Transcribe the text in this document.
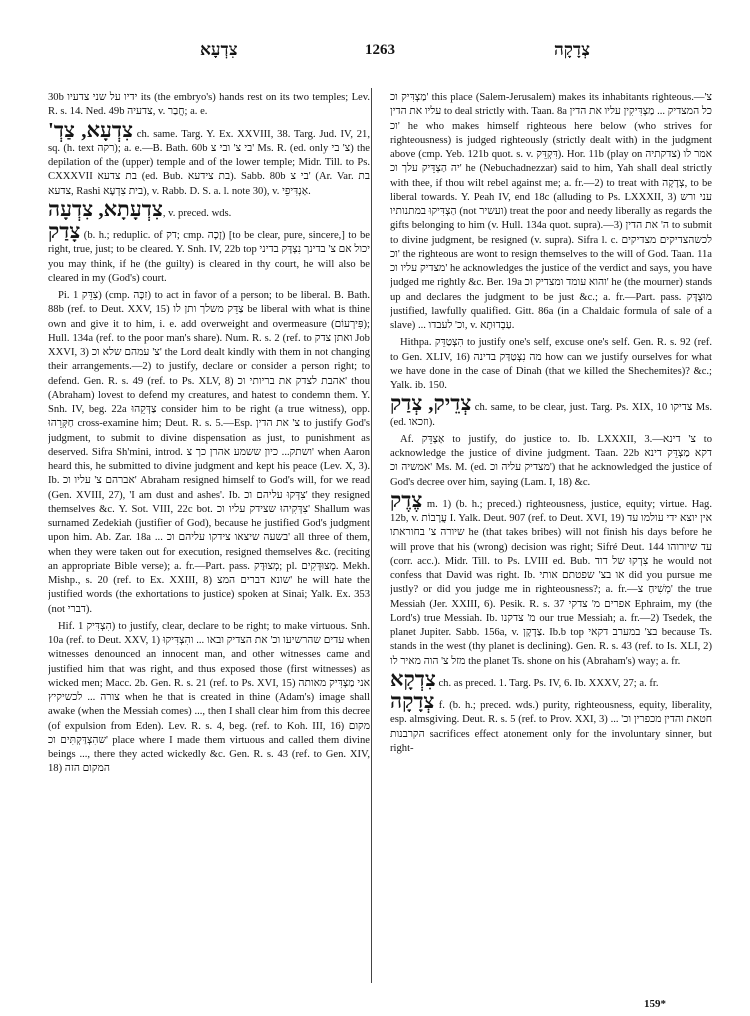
צִדְעָא	1263	צְדָקָה

30b ידיו על שני צדעיו its (the embryo's) hands rest on its two temples; Lev. R. s. 14. Ned. 49b צדעיה, v. חֲבַר; a. e.

צִדְעָא, צַדְ' ch. same. Targ. Y. Ex. XXVIII, 38. Targ. Jud. IV, 21, sq. (h. text רקה); a. e.—B. Bath. 60b בי צ' ובי צ' Ms. R. (ed. only צ' בי) the depilation of the (upper) temple and of the lower temple; Midr. Till. to Ps. CXXXVII בת צדעא (ed. Bub. בת צידעא). Sabb. 80b בי צ' (Ar. Var. בת צדעא, Rashi בית צִדְעָא), v. Rabb. D. S. a. l. note 30), v. אַנְדִּיפֵי.

צִדְעָתָא, צִדְעָה, v. preced. wds.

צָדַק (b. h.; reduplic. of דק; cmp. זָכָה) [to be clear, pure, sincere,] to be right, true, just; to be cleared. Y. Snh. IV, 22b top יכול אם צ' בדינך נִצְדָּק בדיני you may think, if he (the guilty) is cleared in thy court, he will also be cleared in my (God's) court.

Pi. צִדֵּק 1) (cmp. זִכָּה) to act in favor of a person; to be liberal. B. Bath. 88b (ref. to Deut. XXV, 15) צַדֵּק משלך ותן לו be liberal with what is thine own and give it to him, i. e. add overweight and overmeasure (פִּירְעוֹם); Hull. 134a (ref. to the poor man's share). Num. R. s. 2 (ref. to ואתן צדק Job XXVI, 3) צ' עמהם שלא וכ' the Lord dealt kindly with them in not changing their arrangements.—2) to justify, declare or consider a person right; to defend. Gen. R. s. 49 (ref. to Ps. XLV, 8) אהבת לצדק את בריותי וכ' thou (Abraham) lovest to defend my creatures, and hatest to condemn them. Y. Snh. IV, beg. 22a צַדְּקֵהוּ consider him to be right (a true witness), opp. חַקְּרֵהוּ cross-examine him; Deut. R. s. 5.—Esp. צ' את הדין to justify God's judgment, to submit to divine dispensation as just, to punishment as deserved. Sifra Sh'mini, introd. ושתק... כיון ששמע אהרן כך צ' when Aaron heard this, he submitted to divine judgment and kept his peace (Lev. X, 3). Ib. אברהם צ' עליו וכ' Abraham resigned himself to God's will, for we read (Gen. XVIII, 27), 'I am dust and ashes'. Ib. צִדְּקוּ עליהם וכ' they resigned themselves &c. Y. Sot. VIII, 22c bot. צִדְּקִיהוּ שצידק עליו וכ' Shallum was surnamed Zedekiah (justifier of God), because he justified God's judgment upon him. Ab. Zar. 18a ... בשעה שיצאו צידקו עליהם וכ' all three of them, when they were taken out for execution, resigned themselves &c. (reciting an appropriate Bible verse); a. fr.—Part. pass. מְצוּדָּק; pl. מְצוּדָּקִים. Mekh. Mishp., s. 20 (ref. to Ex. XXIII, 8) שונא דברים המצ' he will hate the justified words (the exhortations to justice) spoken at Sinai; Yalk. Ex. 353 (not דברי).

Hif. הִצְדִּיק 1) to justify, clear, declare to be right; to make virtuous. Snh. 10a (ref. to Deut. XXV, 1) עדים שהרשיעו וכ' את הצדיק ובאו ... והִצְדִּיקוּ when witnesses denounced an innocent man, and other witnesses came and justified him that was right, and thus exposed those (first witnesses) as wicked men; Macc. 2b. Gen. R. s. 21 (ref. to Ps. XVI, 15) אני מַצְדִּיק מאותה צורה ... לכשיקיץ when he that is created in thine (Adam's) image shall awake (when the Messiah comes) ..., then I shall clear him from this decree (of expulsion from Eden). Lev. R. s. 4, beg. (ref. to Koh. III, 16) מקום שהִצְדַּקְתִּים וכ' place where I made them virtuous and called them divine beings ..., there they acted wickedly &c. Gen. R. s. 43 (ref. to Gen. XIV, 18) המקום הזה

מַצְדִּיק וכ' this place (Salem-Jerusalem) makes its inhabitants righteous.—צ' עליו את הדין to deal strictly with. Taan. 8a כל המצדיק ... מַצְדִּיקִין עליו את הדין וכ' he who makes himself righteous here below (who strives for righteousness) is judged righteously (strictly dealt with) in the judgment above (cmp. Yeb. 121b quot. s. v. דִּקְדֵּק). Hor. 11b (play on צדקתיה) אמר לו יה הַצְדֵּיק עלך וכ' he (Nebuchadnezzar) said to him, Yah shall deal strictly with thee, if thou wilt rebel against me; a. fr.—2) to treat with צְדָקָה, to be liberal towards. Y. Peah IV, end 18c (alluding to Ps. LXXXII, 3) עני ורש הַצְדִּיקוּ במתנותיו (not ועשיר) treat the poor and needy liberally as regards the gifts belonging to him (v. Hull. 134a quot. supra).—3) ה' את הדין to submit to divine judgment, be resigned (v. supra). Sifra l. c. לכשהצדיקים מצדיקים וכ' the righteous are wont to resign themselves to the will of God. Taan. 11a מצדיק עליו וכ' he acknowledges the justice of the verdict and says, you have judged me rightly &c. Ber. 19a והוא עומד ומצדיק וכ' he (the mourner) stands up and declares the judgment to be just &c.; a. fr.—Part. pass. מוּצְדָּק justified, lawfully qualified. Gitt. 86a (in a Chaldaic formula of sale of a slave) ... וכ' לעבדו, v. עַבְדוּתָא.

Hithpa. הִצְטַדֵּק to justify one's self, excuse one's self. Gen. R. s. 92 (ref. to Gen. XLIV, 16) מה נִצְטַדַּק בדינה how can we justify ourselves for what we have done in the case of Dinah (that we killed the Shechemites)? &c.; Yalk. ib. 150.

צְדֵיק, צְדַק ch. same, to be clear, just. Targ. Ps. XIX, 10 צדיקו Ms. (ed. וזכאו).

Af. אַצְדֵּק to justify, do justice to. Ib. LXXXII, 3.—צ' דינא to acknowledge the justice of divine judgment. Taan. 22b דקא מַצְדֵּק דינא אמשיה וכ' Ms. M. (ed. מצדיק עליה וכ') that he acknowledged the justice of God's decree over him, saying (Lam. I, 18) &c.

צֶדֶק m. 1) (b. h.; preced.) righteousness, justice, equity; virtue. Hag. 12b, v. עֲרָבוֹת I. Yalk. Deut. 907 (ref. to Deut. XVI, 19) אין יוצא ידי עולמו עד שיורה צ' בחוראתו he (that takes bribes) will not finish his days before he will prove that his (wrong) decision was right; Sifré Deut. 144 עד שיורוהו (corr. acc.). Midr. Till. to Ps. LVIII ed. Bub. צִדְקוּ של דוד he would not confess that David was right. Ib. או בצ' שפטתם אותי did you pursue me justly? or did you judge me in righteousness?; a. fr.—מְשִׁיחַ צ' the true Messiah (Jer. XXIII, 6). Pesik. R. s. 37 אפרים מ' צדקי Ephraim, my (the Lord's) true Messiah. Ib. מ' צדקנו our true Messiah; a. fr.—2) Tsedek, the planet Jupiter. Sabb. 156a, v. צַדְקָן. Ib.b top בצ' במערב דקאי because Ts. stands in the west (thy planet is declining). Gen. R. s. 43 (ref. to Is. XLI, 2) מזל צ' הוה מאיר לו the planet Ts. shone on his (Abraham's) way; a. fr.

צִדְקָא ch. as preced. 1. Targ. Ps. IV, 6. Ib. XXXV, 27; a. fr.

צְדָקָה f. (b. h.; preced. wds.) purity, righteousness, equity, liberality, esp. almsgiving. Deut. R. s. 5 (ref. to Prov. XXI, 3) חטאת והדין מכפרין וכ' ... הקרבנות sacrifices effect atonement only for the involuntary sinner, but right-

159*
